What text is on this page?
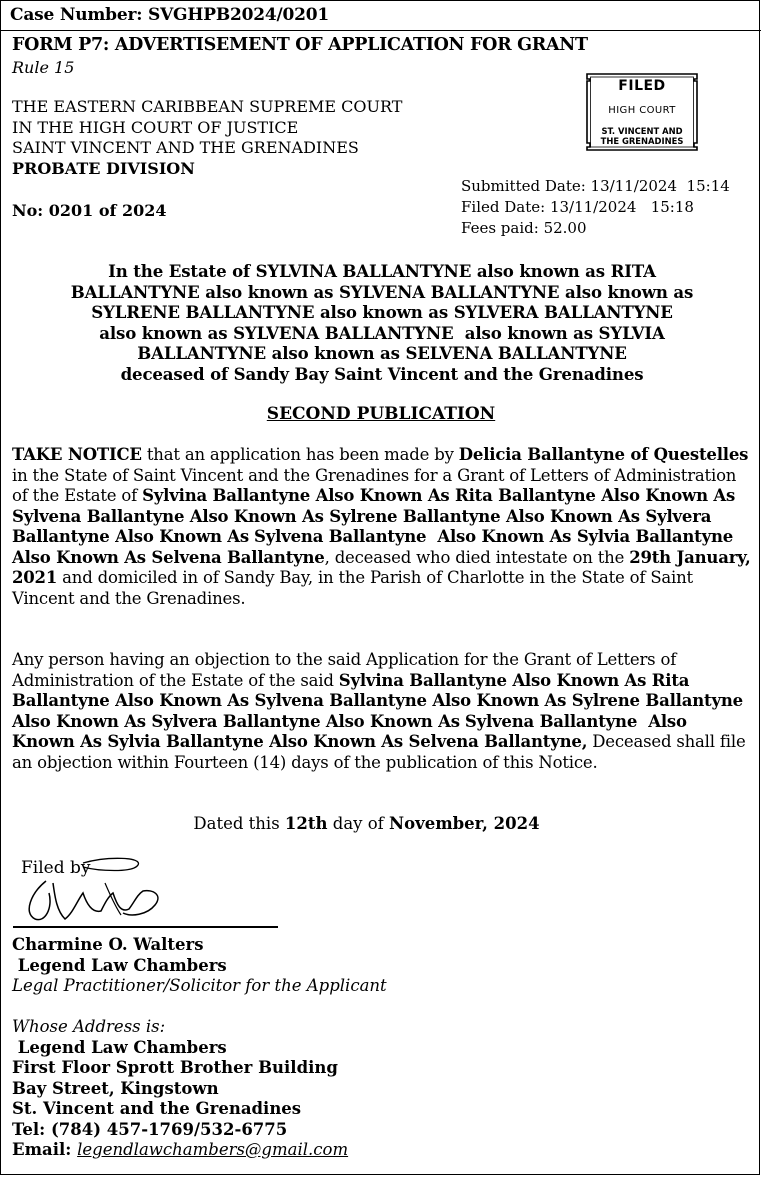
Case Number: SVGHPB2024/0201
FORM P7: ADVERTISEMENT OF APPLICATION FOR GRANT
Rule 15
THE EASTERN CARIBBEAN SUPREME COURT
IN THE HIGH COURT OF JUSTICE
SAINT VINCENT AND THE GRENADINES
PROBATE DIVISION
No: 0201 of 2024
FILED
HIGH COURT
ST. VINCENT AND
THE GRENADINES
Submitted Date: 13/11/2024  15:14
Filed Date: 13/11/2024   15:18
Fees paid: 52.00
In the Estate of SYLVINA BALLANTYNE also known as RITA
BALLANTYNE also known as SYLVENA BALLANTYNE also known as
SYLRENE BALLANTYNE also known as SYLVERA BALLANTYNE
also known as SYLVENA BALLANTYNE  also known as SYLVIA
BALLANTYNE also known as SELVENA BALLANTYNE
deceased of Sandy Bay Saint Vincent and the Grenadines
SECOND PUBLICATION
TAKE NOTICE that an application has been made by Delicia Ballantyne of Questelles in the State of Saint Vincent and the Grenadines for a Grant of Letters of Administration of the Estate of Sylvina Ballantyne Also Known As Rita Ballantyne Also Known As Sylvena Ballantyne Also Known As Sylrene Ballantyne Also Known As Sylvera Ballantyne Also Known As Sylvena Ballantyne  Also Known As Sylvia Ballantyne Also Known As Selvena Ballantyne, deceased who died intestate on the 29th January, 2021 and domiciled in of Sandy Bay, in the Parish of Charlotte in the State of Saint Vincent and the Grenadines.
Any person having an objection to the said Application for the Grant of Letters of Administration of the Estate of the said Sylvina Ballantyne Also Known As Rita Ballantyne Also Known As Sylvena Ballantyne Also Known As Sylrene Ballantyne Also Known As Sylvera Ballantyne Also Known As Sylvena Ballantyne  Also Known As Sylvia Ballantyne Also Known As Selvena Ballantyne, Deceased shall file an objection within Fourteen (14) days of the publication of this Notice.
Dated this 12th day of November, 2024
Filed by
Charmine O. Walters
Legend Law Chambers
Legal Practitioner/Solicitor for the Applicant
Whose Address is:
Legend Law Chambers
First Floor Sprott Brother Building
Bay Street, Kingstown
St. Vincent and the Grenadines
Tel: (784) 457-1769/532-6775
Email: legendlawchambers@gmail.com
